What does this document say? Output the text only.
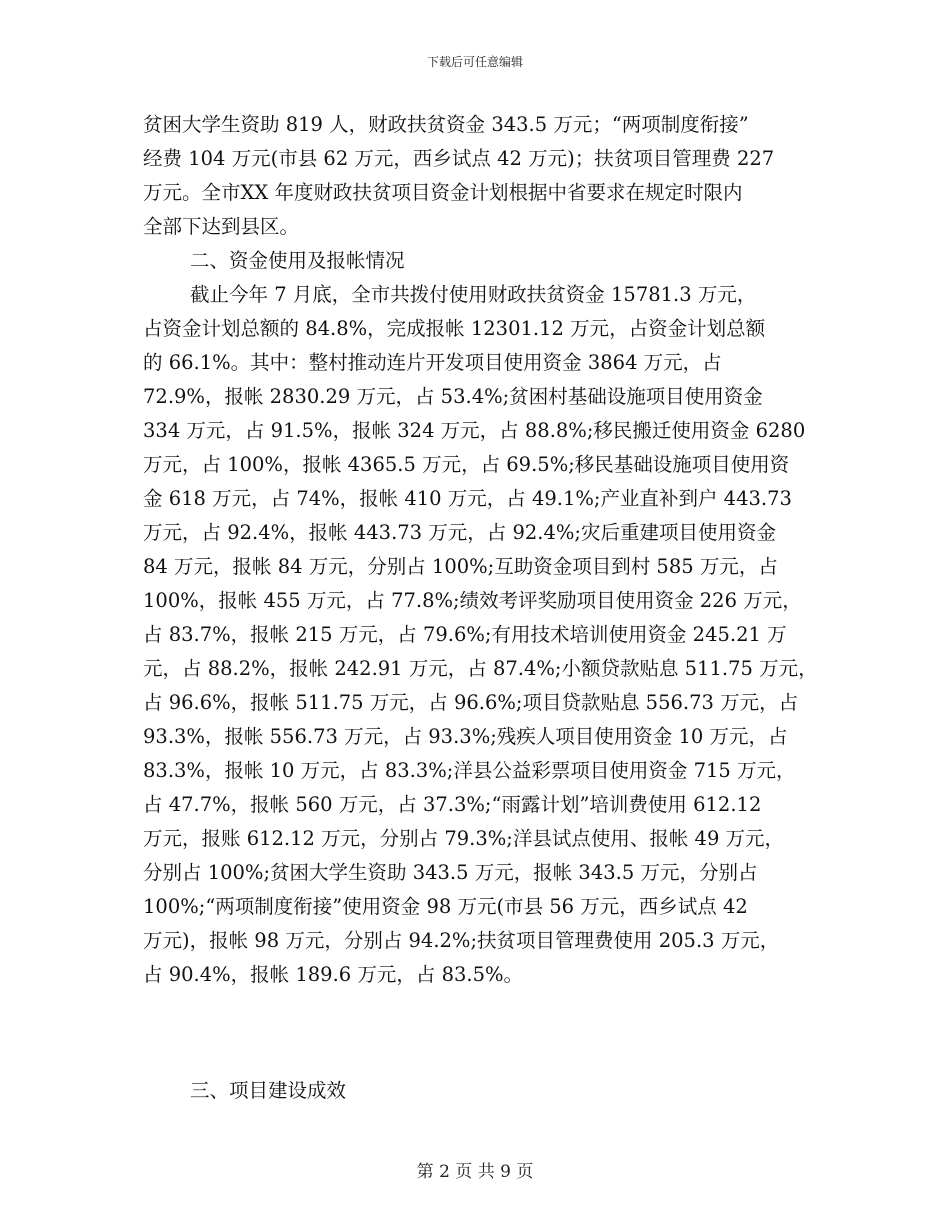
下载后可任意编辑
贫困大学生资助 819 人，财政扶贫资金 343.5 万元；“两项制度衔接”
经费 104 万元(市县 62 万元，西乡试点 42 万元)；扶贫项目管理费 227
万元。全市XX 年度财政扶贫项目资金计划根据中省要求在规定时限内
全部下达到县区。
二、资金使用及报帐情况
截止今年 7 月底，全市共拨付使用财政扶贫资金 15781.3 万元，
占资金计划总额的 84.8%，完成报帐 12301.12 万元，占资金计划总额
的 66.1%。其中：整村推动连片开发项目使用资金 3864 万元，占
72.9%，报帐 2830.29 万元，占 53.4%;贫困村基础设施项目使用资金
334 万元，占 91.5%，报帐 324 万元，占 88.8%;移民搬迁使用资金 6280
万元，占 100%，报帐 4365.5 万元，占 69.5%;移民基础设施项目使用资
金 618 万元，占 74%，报帐 410 万元，占 49.1%;产业直补到户 443.73
万元，占 92.4%，报帐 443.73 万元，占 92.4%;灾后重建项目使用资金
84 万元，报帐 84 万元，分别占 100%;互助资金项目到村 585 万元，占
100%，报帐 455 万元，占 77.8%;绩效考评奖励项目使用资金 226 万元，
占 83.7%，报帐 215 万元，占 79.6%;有用技术培训使用资金 245.21 万
元，占 88.2%，报帐 242.91 万元，占 87.4%;小额贷款贴息 511.75 万元，
占 96.6%，报帐 511.75 万元，占 96.6%;项目贷款贴息 556.73 万元，占
93.3%，报帐 556.73 万元，占 93.3%;残疾人项目使用资金 10 万元，占
83.3%，报帐 10 万元，占 83.3%;洋县公益彩票项目使用资金 715 万元，
占 47.7%，报帐 560 万元，占 37.3%;“雨露计划”培训费使用 612.12
万元，报账 612.12 万元，分别占 79.3%;洋县试点使用、报帐 49 万元，
分别占 100%;贫困大学生资助 343.5 万元，报帐 343.5 万元，分别占
100%;“两项制度衔接”使用资金 98 万元(市县 56 万元，西乡试点 42
万元)，报帐 98 万元，分别占 94.2%;扶贫项目管理费使用 205.3 万元，
占 90.4%，报帐 189.6 万元，占 83.5%。
三、项目建设成效
第 2 页 共 9 页
